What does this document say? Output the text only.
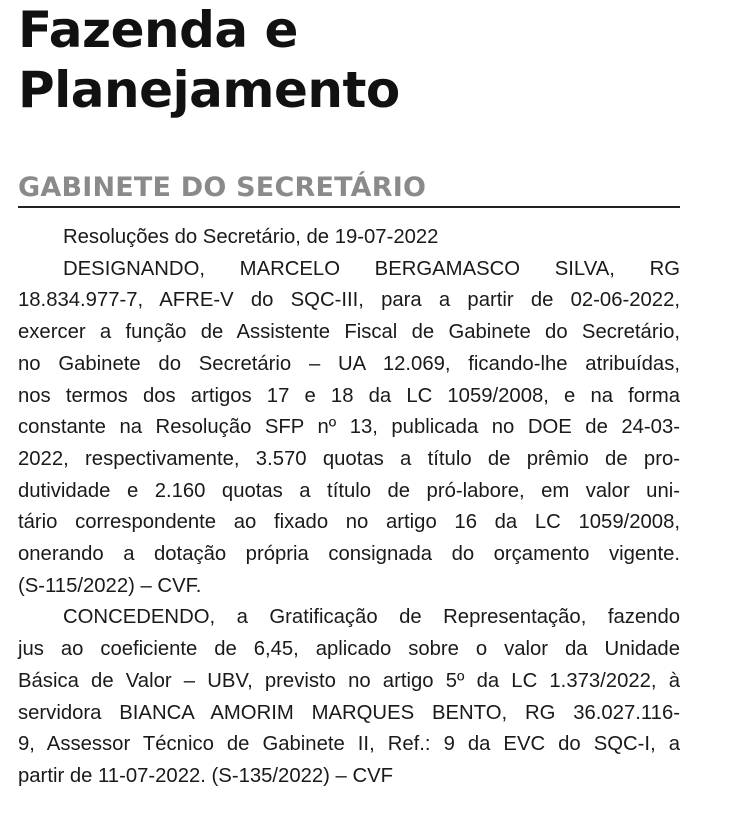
Fazenda e
Planejamento
GABINETE DO SECRETÁRIO
Resoluções do Secretário, de 19-07-2022
DESIGNANDO, MARCELO BERGAMASCO SILVA, RG
18.834.977-7, AFRE-V do SQC-III, para a partir de 02-06-2022,
exercer a função de Assistente Fiscal de Gabinete do Secretário,
no Gabinete do Secretário – UA 12.069, ficando-lhe atribuídas,
nos termos dos artigos 17 e 18 da LC 1059/2008, e na forma
constante na Resolução SFP nº 13, publicada no DOE de 24-03-
2022, respectivamente, 3.570 quotas a título de prêmio de pro-
dutividade e 2.160 quotas a título de pró-labore, em valor uni-
tário correspondente ao fixado no artigo 16 da LC 1059/2008,
onerando a dotação própria consignada do orçamento vigente.
(S-115/2022) – CVF.
CONCEDENDO, a Gratificação de Representação, fazendo
jus ao coeficiente de 6,45, aplicado sobre o valor da Unidade
Básica de Valor – UBV, previsto no artigo 5º da LC 1.373/2022, à
servidora BIANCA AMORIM MARQUES BENTO, RG 36.027.116-
9, Assessor Técnico de Gabinete II, Ref.: 9 da EVC do SQC-I, a
partir de 11-07-2022. (S-135/2022) – CVF
